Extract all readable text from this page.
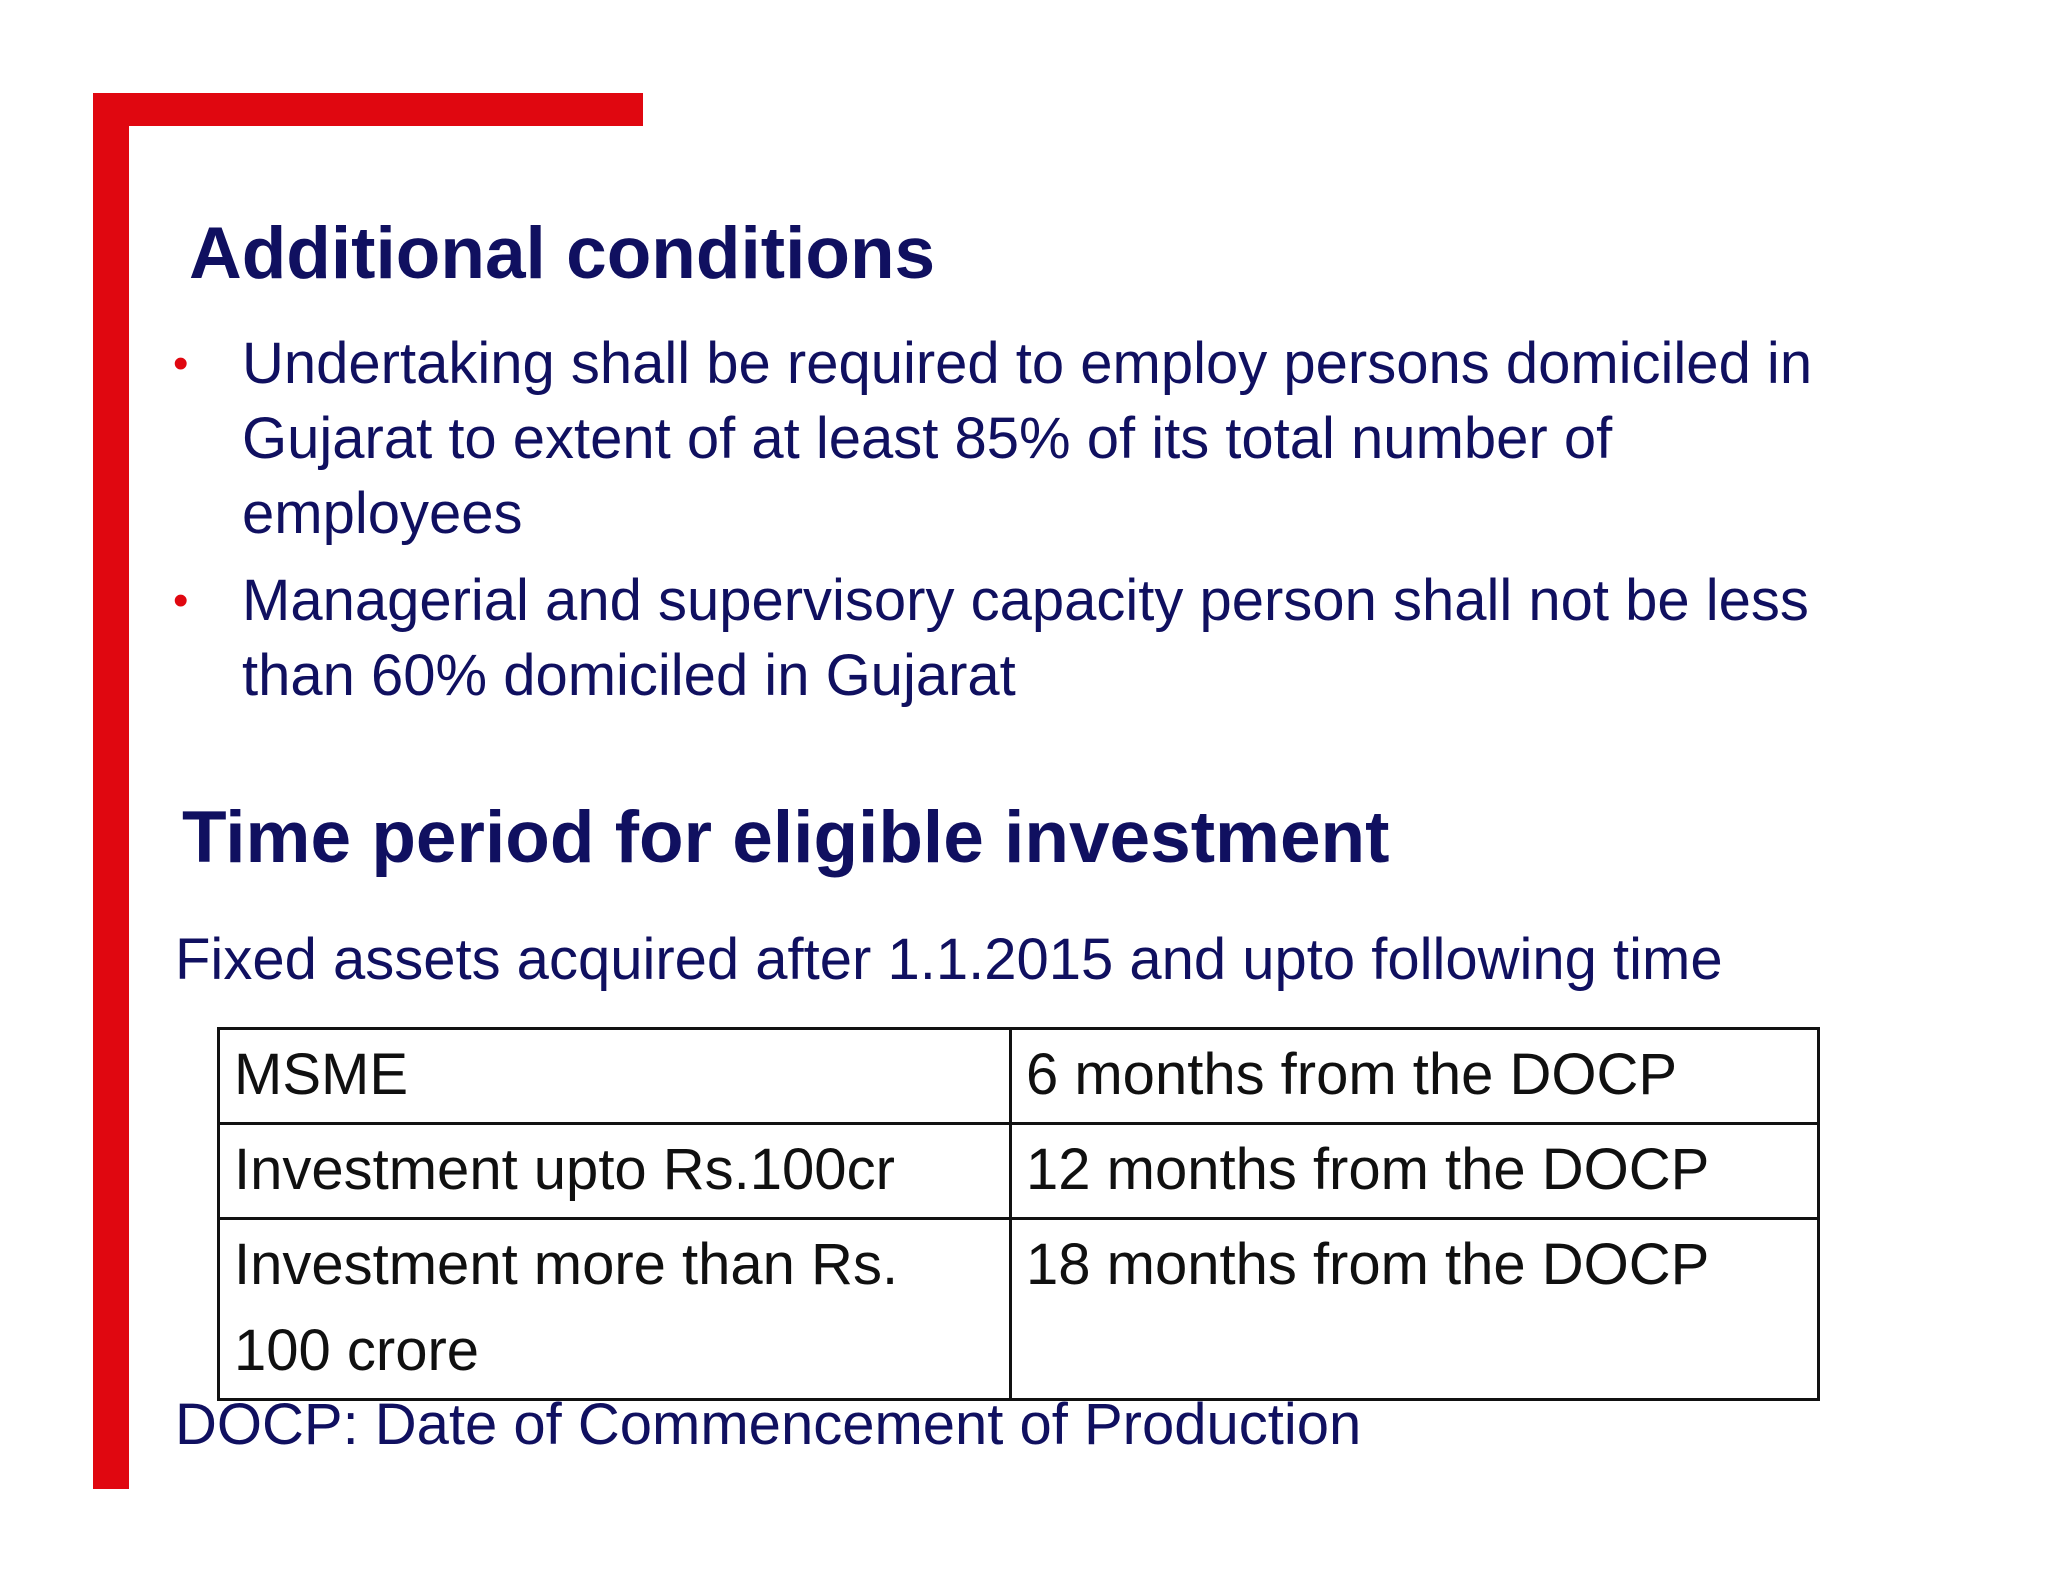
Additional conditions
• Undertaking shall be required to employ persons domiciled in Gujarat to extent of at least 85% of its total number of employees
• Managerial and supervisory capacity person shall not be less than 60% domiciled in Gujarat
Time period for eligible investment

Fixed assets acquired after 1.1.2015 and upto following time

MSME	6 months from the DOCP
Investment upto Rs.100cr	12 months from the DOCP
Investment more than Rs. 100 crore	18 months from the DOCP

DOCP: Date of Commencement of Production
